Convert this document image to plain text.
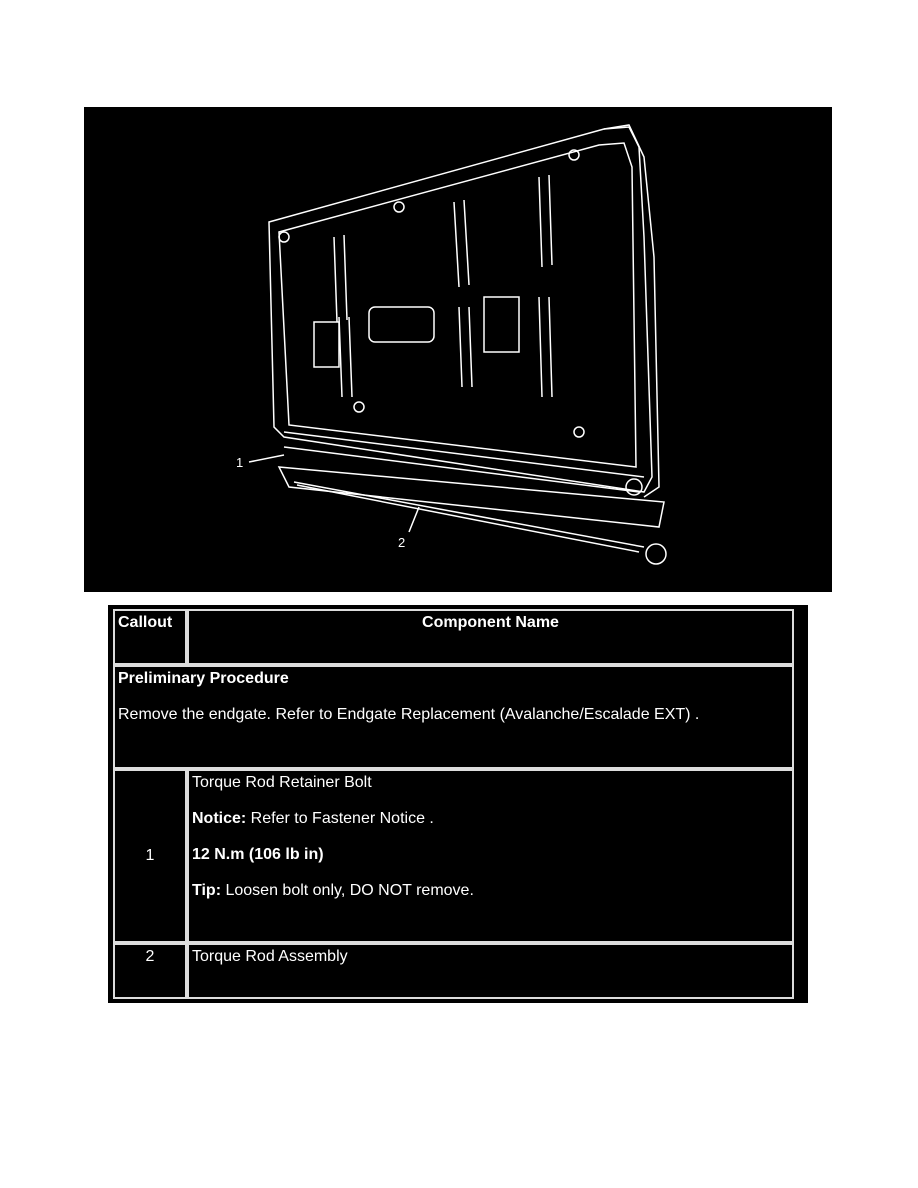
1
2
Callout	Component Name

Preliminary Procedure

Remove the endgate. Refer to Endgate Replacement (Avalanche/Escalade EXT) .	

1	Torque Rod Retainer Bolt

Notice: Refer to Fastener Notice .

12 N.m (106 lb in)

Tip: Loosen bolt only, DO NOT remove.

2	Torque Rod Assembly
